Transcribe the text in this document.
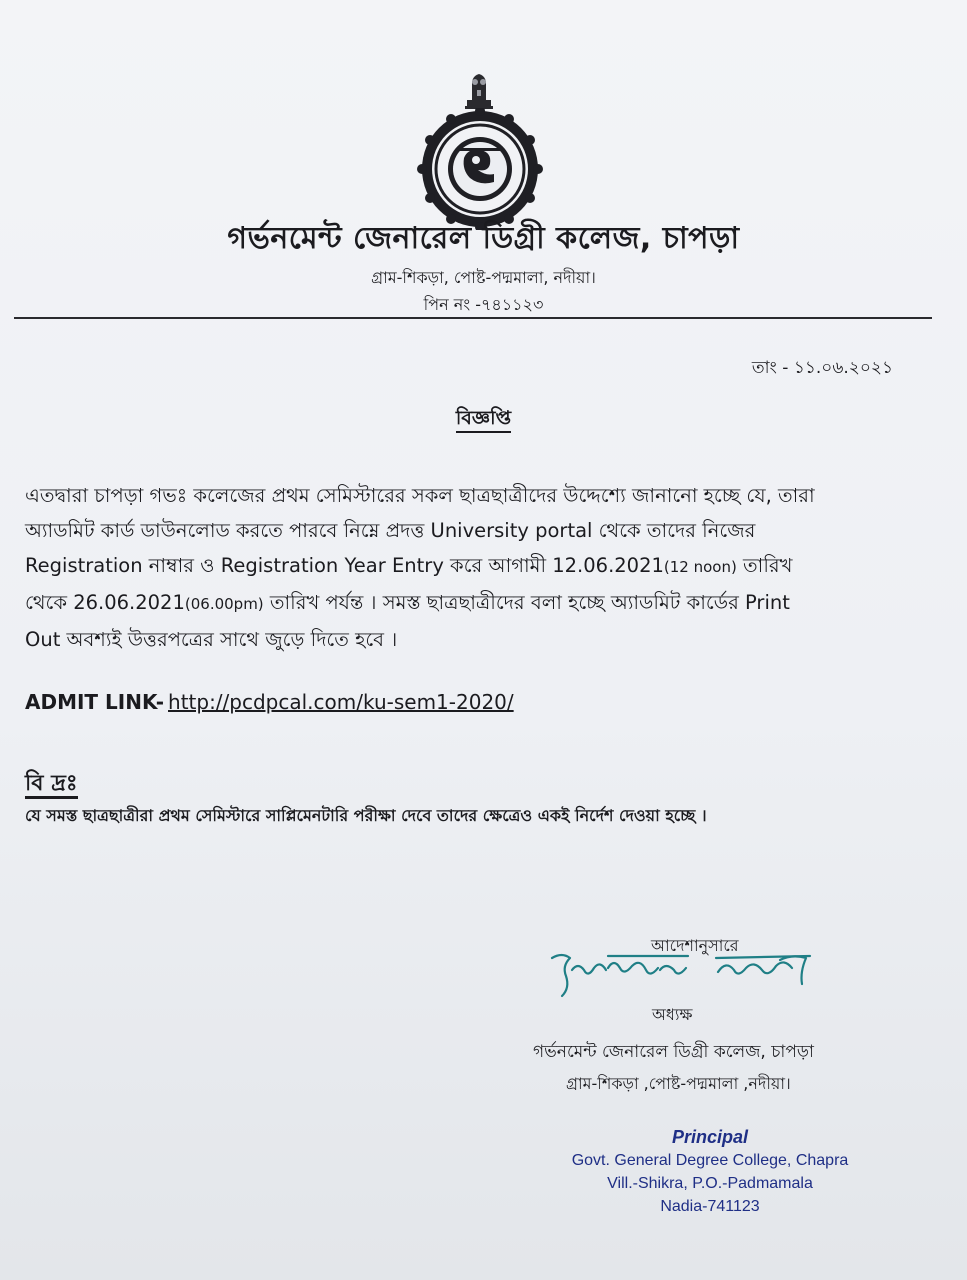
গর্ভনমেন্ট জেনারেল ডিগ্রী কলেজ, চাপড়া
গ্রাম-শিকড়া, পোষ্ট-পদ্মমালা, নদীয়া।
পিন নং -৭৪১১২৩
তাং - ১১.০৬.২০২১
বিজ্ঞপ্তি
এতদ্বারা চাপড়া গভঃ কলেজের প্রথম সেমিস্টারের সকল ছাত্রছাত্রীদের উদ্দেশ্যে জানানো হচ্ছে যে, তারা
অ্যাডমিট কার্ড ডাউনলোড করতে পারবে নিম্নে প্রদত্ত University portal থেকে তাদের নিজের
Registration নাম্বার ও Registration Year Entry করে আগামী 12.06.2021(12 noon) তারিখ
থেকে 26.06.2021(06.00pm) তারিখ পর্যন্ত । সমস্ত ছাত্রছাত্রীদের বলা হচ্ছে অ্যাডমিট কার্ডের Print
Out অবশ্যই উত্তরপত্রের সাথে জুড়ে দিতে হবে ।
ADMIT LINK- http://pcdpcal.com/ku-sem1-2020/
বি দ্রঃ
যে সমস্ত ছাত্রছাত্রীরা প্রথম সেমিস্টারে সাপ্লিমেনটারি পরীক্ষা দেবে তাদের ক্ষেত্রেও একই নির্দেশ দেওয়া হচ্ছে ।
আদেশানুসারে
অধ্যক্ষ
গর্ভনমেন্ট জেনারেল ডিগ্রী কলেজ, চাপড়া
গ্রাম-শিকড়া ,পোষ্ট-পদ্মমালা ,নদীয়া।
Principal
Govt. General Degree College, Chapra
Vill.-Shikra, P.O.-Padmamala
Nadia-741123
